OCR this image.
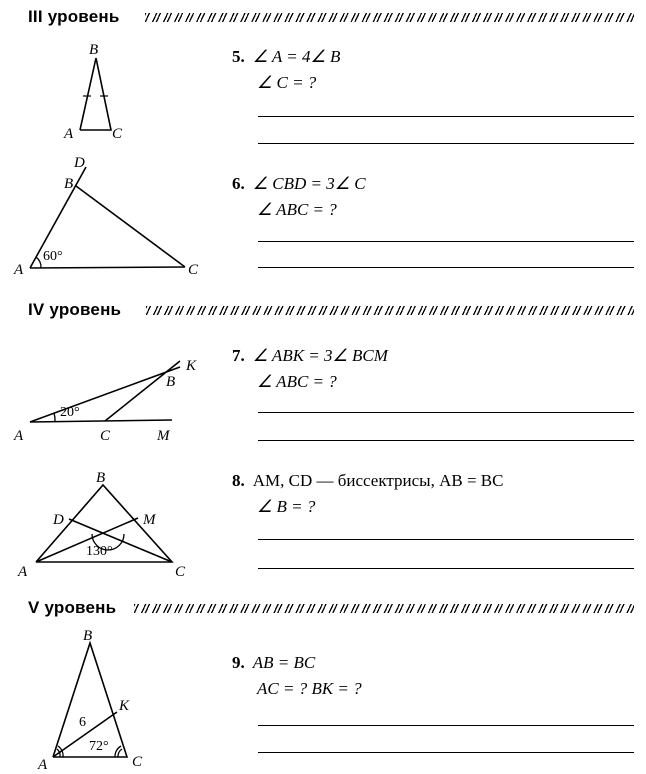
III уровень
B
A	C
D
B
A	C
60°
K
B
A	C	M
20°
B
D	M
A	C
130°
B
K
A	C
6
72°
5. ∠ A = 4∠ B
∠ C = ?
6. ∠ CBD = 3∠ C
∠ ABC = ?
IV уровень
7. ∠ ABK = 3∠ BCM
∠ ABC = ?
8. AM, CD — биссектрисы, AB = BC
∠ B = ?
V уровень
9. AB = BC
AC = ? BK = ?
